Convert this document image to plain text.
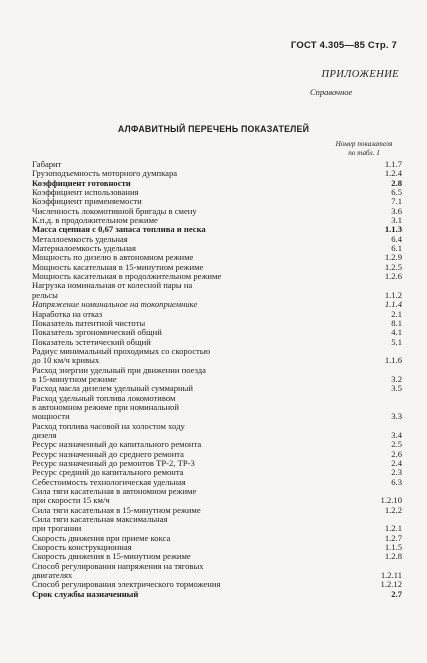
ГОСТ 4.305—85 Стр. 7
ПРИЛОЖЕНИЕ
Справочное
АЛФАВИТНЫЙ ПЕРЕЧЕНЬ ПОКАЗАТЕЛЕЙ
Номер показателя
по табл. 1
Габарит	1.1.7
Грузоподъемность моторного думпкара	1.2.4
Коэффициент готовности	2.8
Коэффициент использования	6.5
Коэффициент применяемости	7.1
Численность локомотивной бригады в смену	3.6
К.п.д. в продолжительном режиме	3.1
Масса сцепная с 0,67 запаса топлива и песка	1.1.3
Металлоемкость удельная	6.4
Материалоемкость удельная	6.1
Мощность по дизелю в автономном режиме	1.2.9
Мощность касательная в 15-минутном режиме	1.2.5
Мощность касательная в продолжительном режиме	1.2.6
Нагрузка номинальная от колесной пары на
рельсы	1.1.2
Напряжение номинальное на токоприемнике	1.1.4
Наработка на отказ	2.1
Показатель патентной чистоты	8.1
Показатель эргономический общий	4.1
Показатель эстетический общий	5.1
Радиус минимальный проходимых со скоростью
до 10 км/ч кривых	1.1.6
Расход энергии удельный при движении поезда
в 15-минутном режиме	3.2
Расход масла дизелем удельный суммарный	3.5
Расход удельный топлива локомотивом
в автономном режиме при номинальной
мощности	3.3
Расход топлива часовой на холостом ходу
дизеля	3.4
Ресурс назначенный до капитального ремонта	2.5
Ресурс назначенный до среднего ремонта	2.6
Ресурс назначенный до ремонтов ТР-2, ТР-3	2.4
Ресурс средний до капитального ремонта	2.3
Себестоимость технологическая удельная	6.3
Сила тяги касательная в автономном режиме
при скорости 15 км/ч	1.2.10
Сила тяги касательная в 15-минутном режиме	1.2.2
Сила тяги касательная максимальная
при трогании	1.2.1
Скорость движения при приеме кокса	1.2.7
Скорость конструкционная	1.1.5
Скорость движения в 15-минутном режиме	1.2.8
Способ регулирования напряжения на тяговых
двигателях	1.2.11
Способ регулирования электрического торможения	1.2.12
Срок службы назначенный	2.7
